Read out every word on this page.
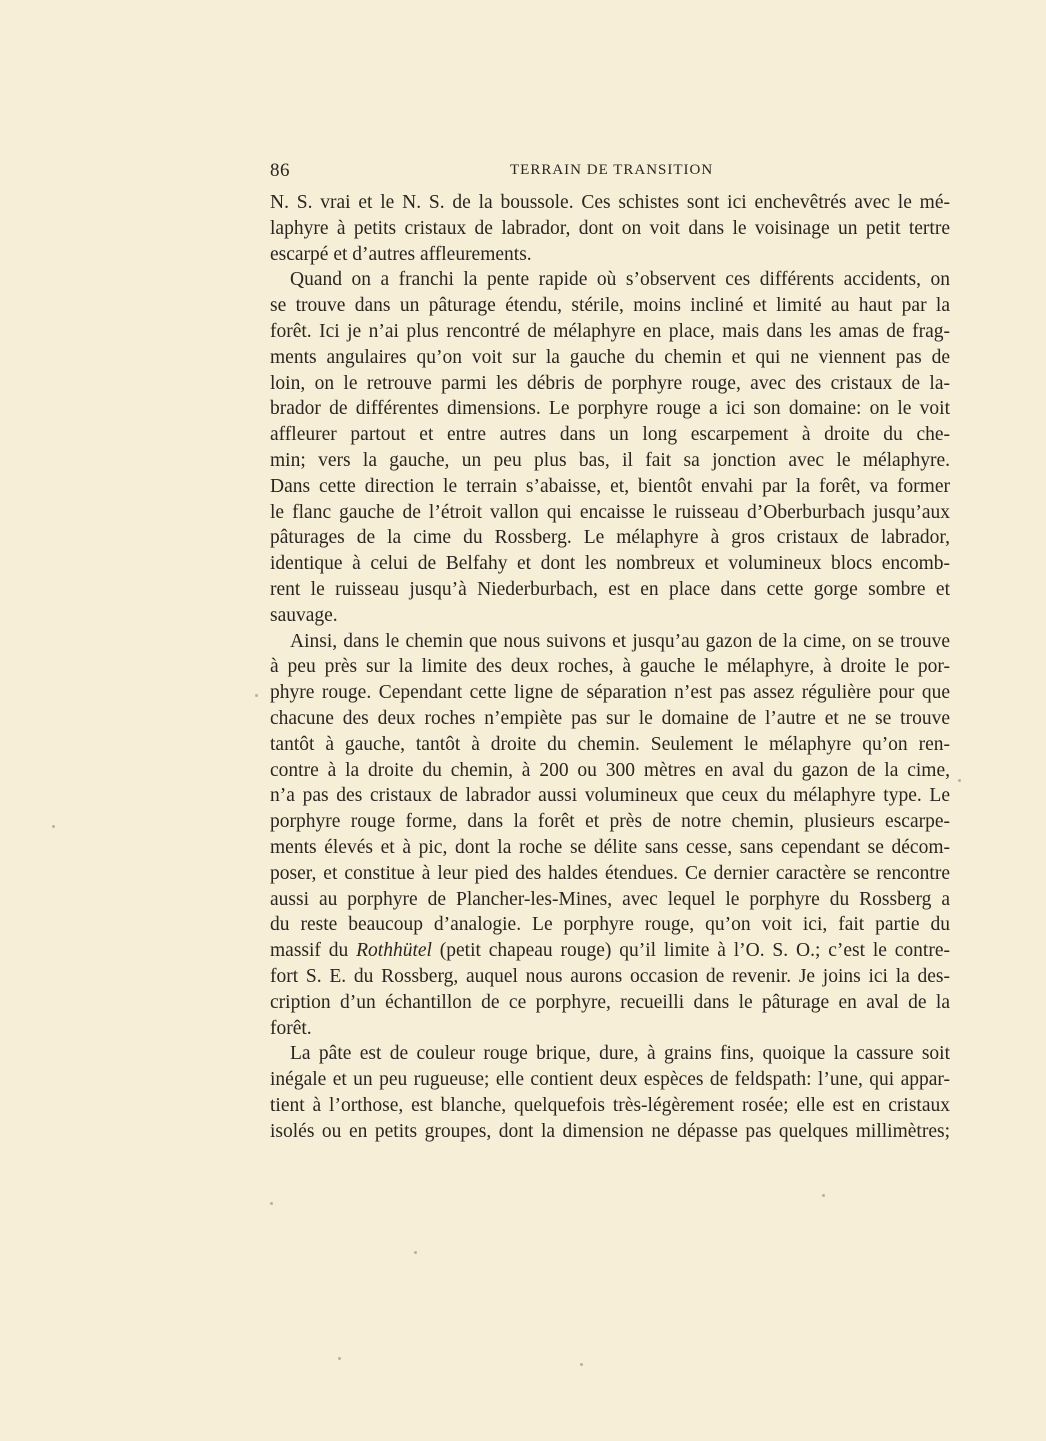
86	TERRAIN DE TRANSITION
N. S. vrai et le N. S. de la boussole. Ces schistes sont ici enchevêtrés avec le mé-
laphyre à petits cristaux de labrador, dont on voit dans le voisinage un petit tertre
escarpé et d’autres affleurements.
Quand on a franchi la pente rapide où s’observent ces différents accidents, on
se trouve dans un pâturage étendu, stérile, moins incliné et limité au haut par la
forêt. Ici je n’ai plus rencontré de mélaphyre en place, mais dans les amas de frag-
ments angulaires qu’on voit sur la gauche du chemin et qui ne viennent pas de
loin, on le retrouve parmi les débris de porphyre rouge, avec des cristaux de la-
brador de différentes dimensions. Le porphyre rouge a ici son domaine: on le voit
affleurer partout et entre autres dans un long escarpement à droite du che-
min; vers la gauche, un peu plus bas, il fait sa jonction avec le mélaphyre.
Dans cette direction le terrain s’abaisse, et, bientôt envahi par la forêt, va former
le flanc gauche de l’étroit vallon qui encaisse le ruisseau d’Oberburbach jusqu’aux
pâturages de la cime du Rossberg. Le mélaphyre à gros cristaux de labrador,
identique à celui de Belfahy et dont les nombreux et volumineux blocs encomb-
rent le ruisseau jusqu’à Niederburbach, est en place dans cette gorge sombre et
sauvage.
Ainsi, dans le chemin que nous suivons et jusqu’au gazon de la cime, on se trouve
à peu près sur la limite des deux roches, à gauche le mélaphyre, à droite le por-
phyre rouge. Cependant cette ligne de séparation n’est pas assez régulière pour que
chacune des deux roches n’empiète pas sur le domaine de l’autre et ne se trouve
tantôt à gauche, tantôt à droite du chemin. Seulement le mélaphyre qu’on ren-
contre à la droite du chemin, à 200 ou 300 mètres en aval du gazon de la cime,
n’a pas des cristaux de labrador aussi volumineux que ceux du mélaphyre type. Le
porphyre rouge forme, dans la forêt et près de notre chemin, plusieurs escarpe-
ments élevés et à pic, dont la roche se délite sans cesse, sans cependant se décom-
poser, et constitue à leur pied des haldes étendues. Ce dernier caractère se rencontre
aussi au porphyre de Plancher-les-Mines, avec lequel le porphyre du Rossberg a
du reste beaucoup d’analogie. Le porphyre rouge, qu’on voit ici, fait partie du
massif du Rothhütel (petit chapeau rouge) qu’il limite à l’O. S. O.; c’est le contre-
fort S. E. du Rossberg, auquel nous aurons occasion de revenir. Je joins ici la des-
cription d’un échantillon de ce porphyre, recueilli dans le pâturage en aval de la
forêt.
La pâte est de couleur rouge brique, dure, à grains fins, quoique la cassure soit
inégale et un peu rugueuse; elle contient deux espèces de feldspath: l’une, qui appar-
tient à l’orthose, est blanche, quelquefois très-légèrement rosée; elle est en cristaux
isolés ou en petits groupes, dont la dimension ne dépasse pas quelques millimètres;
